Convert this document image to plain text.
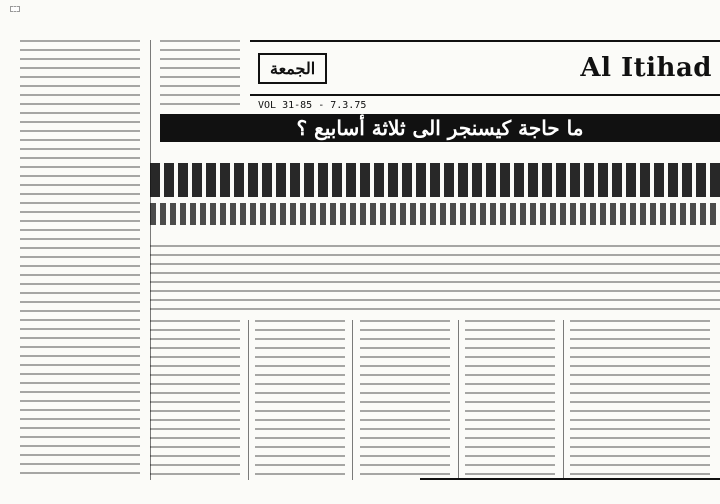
الجمعة	Al Itihad
VOL 31-85 - 7.3.75
ما حاجة كيسنجر الى ثلاثة أسابيع ؟
